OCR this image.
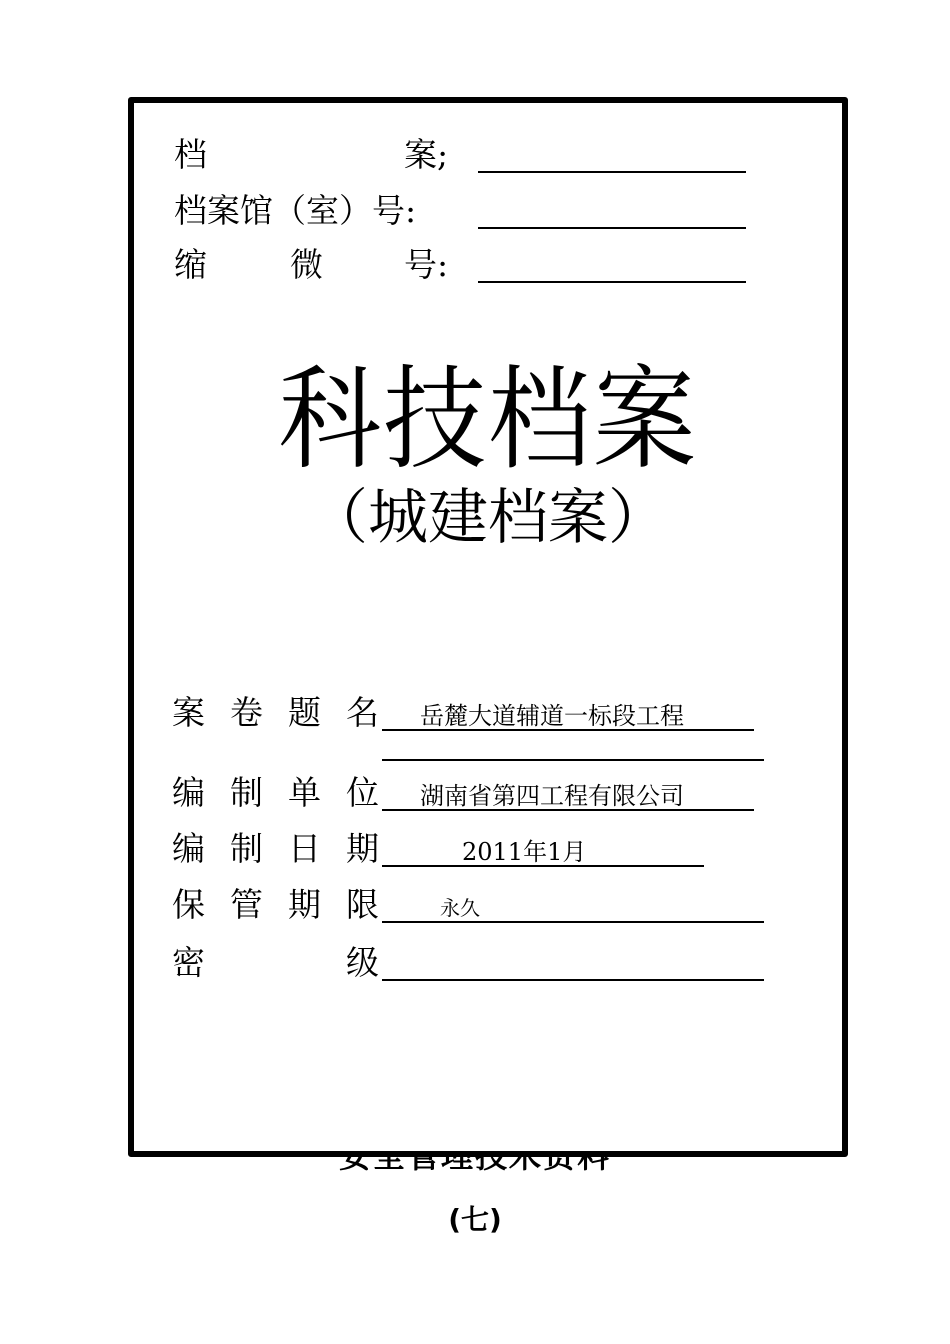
档	案;
档案馆（室）号:
缩	微 号:
科技档案
（城建档案）
案 卷 题 名 岳麓大道辅道一标段工程
编 制 单 位 湖南省第四工程有限公司
编 制 日 期	2011年1月
保 管 期 限	永久
密	级
(七)
